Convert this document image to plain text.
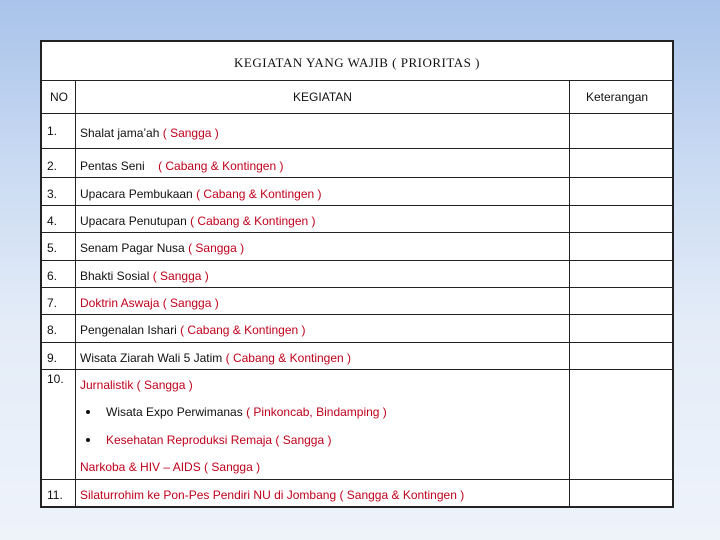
KEGIATAN YANG WAJIB ( PRIORITAS )
NO	KEGIATAN	Keterangan
1. Shalat jama’ah ( Sangga )
2. Pentas Seni ( Cabang & Kontingen )
3. Upacara Pembukaan ( Cabang & Kontingen )
4. Upacara Penutupan ( Cabang & Kontingen )
5. Senam Pagar Nusa ( Sangga )
6. Bhakti Sosial ( Sangga )
7. Doktrin Aswaja ( Sangga )
8. Pengenalan Ishari ( Cabang & Kontingen )
9. Wisata Ziarah Wali 5 Jatim ( Cabang & Kontingen )
10. Jurnalistik ( Sangga )
Wisata Expo Perwimanas ( Pinkoncab, Bindamping )
Kesehatan Reproduksi Remaja ( Sangga )
Narkoba & HIV – AIDS ( Sangga )
11. Silaturrohim ke Pon-Pes Pendiri NU di Jombang ( Sangga & Kontingen )
